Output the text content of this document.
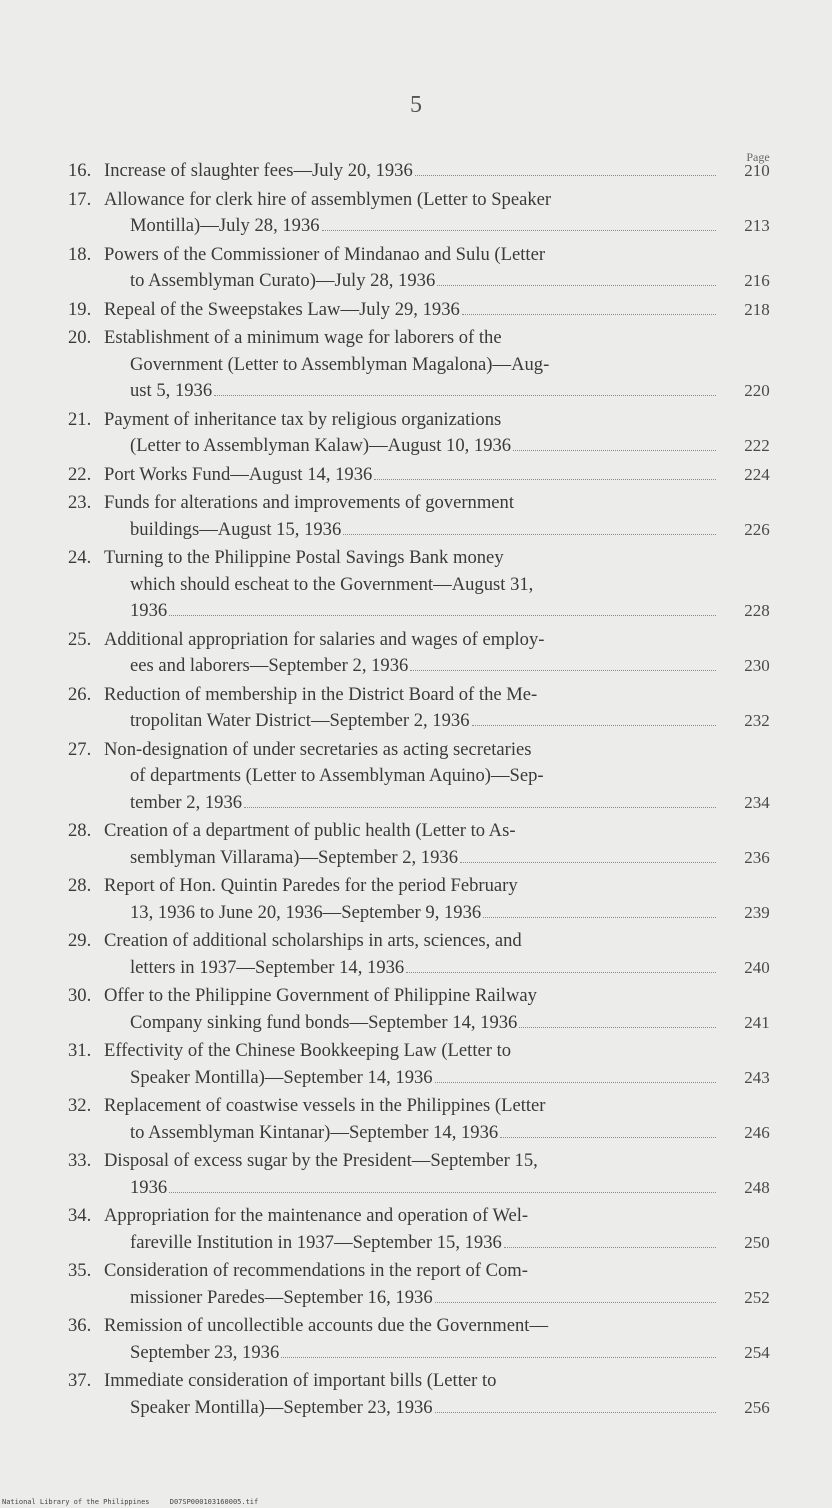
5
Page
16. Increase of slaughter fees—July 20, 1936	210
17. Allowance for clerk hire of assemblymen (Letter to Speaker
Montilla)—July 28, 1936	213
18. Powers of the Commissioner of Mindanao and Sulu (Letter
to Assemblyman Curato)—July 28, 1936	216
19. Repeal of the Sweepstakes Law—July 29, 1936	218
20. Establishment of a minimum wage for laborers of the
Government (Letter to Assemblyman Magalona)—Aug-
ust 5, 1936	220
21. Payment of inheritance tax by religious organizations
(Letter to Assemblyman Kalaw)—August 10, 1936	222
22. Port Works Fund—August 14, 1936	224
23. Funds for alterations and improvements of government
buildings—August 15, 1936	226
24. Turning to the Philippine Postal Savings Bank money
which should escheat to the Government—August 31,
1936	228
25. Additional appropriation for salaries and wages of employ-
ees and laborers—September 2, 1936	230
26. Reduction of membership in the District Board of the Me-
tropolitan Water District—September 2, 1936	232
27. Non-designation of under secretaries as acting secretaries
of departments (Letter to Assemblyman Aquino)—Sep-
tember 2, 1936	234
28. Creation of a department of public health (Letter to As-
semblyman Villarama)—September 2, 1936	236
28. Report of Hon. Quintin Paredes for the period February
13, 1936 to June 20, 1936—September 9, 1936	239
29. Creation of additional scholarships in arts, sciences, and
letters in 1937—September 14, 1936	240
30. Offer to the Philippine Government of Philippine Railway
Company sinking fund bonds—September 14, 1936	241
31. Effectivity of the Chinese Bookkeeping Law (Letter to
Speaker Montilla)—September 14, 1936	243
32. Replacement of coastwise vessels in the Philippines (Letter
to Assemblyman Kintanar)—September 14, 1936	246
33. Disposal of excess sugar by the President—September 15,
1936	248
34. Appropriation for the maintenance and operation of Wel-
fareville Institution in 1937—September 15, 1936	250
35. Consideration of recommendations in the report of Com-
missioner Paredes—September 16, 1936	252
36. Remission of uncollectible accounts due the Government—
September 23, 1936	254
37. Immediate consideration of important bills (Letter to
Speaker Montilla)—September 23, 1936	256
National Library of the Philippines	D07SP000103160005.tif
